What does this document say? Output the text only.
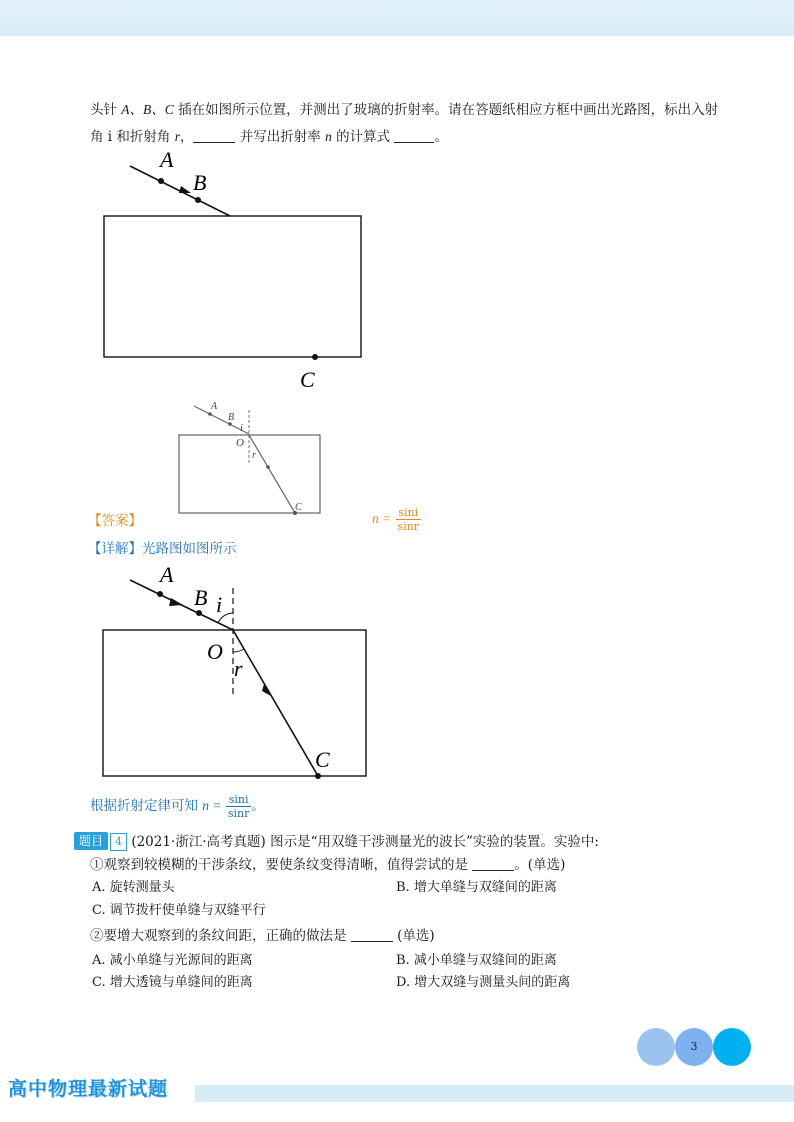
头针 A、B、C 插在如图所示位置，并测出了玻璃的折射率。请在答题纸相应方框中画出光路图，标出入射
角 i 和折射角 r，	并写出折射率 n 的计算式	。
A
B
C
A
B
i
O
r
C
【答案】	$n = \frac{\sin i}{\sin r}$
【详解】光路图如图所示
A
B i
O
r
C
根据折射定律可知 $n = \frac{\sin i}{\sin r}$ 。
题目 4 (2021·浙江·高考真题) 图示是“用双缝干涉测量光的波长”实验的装置。实验中:
①观察到较模糊的干涉条纹，要使条纹变得清晰，值得尝试的是	。(单选)
A. 旋转测量头	B. 增大单缝与双缝间的距离
C. 调节拨杆使单缝与双缝平行
②要增大观察到的条纹间距，正确的做法是	(单选)
A. 减小单缝与光源间的距离	B. 减小单缝与双缝间的距离
C. 增大透镜与单缝间的距离	D. 增大双缝与测量头间的距离
3
高中物理最新试题
